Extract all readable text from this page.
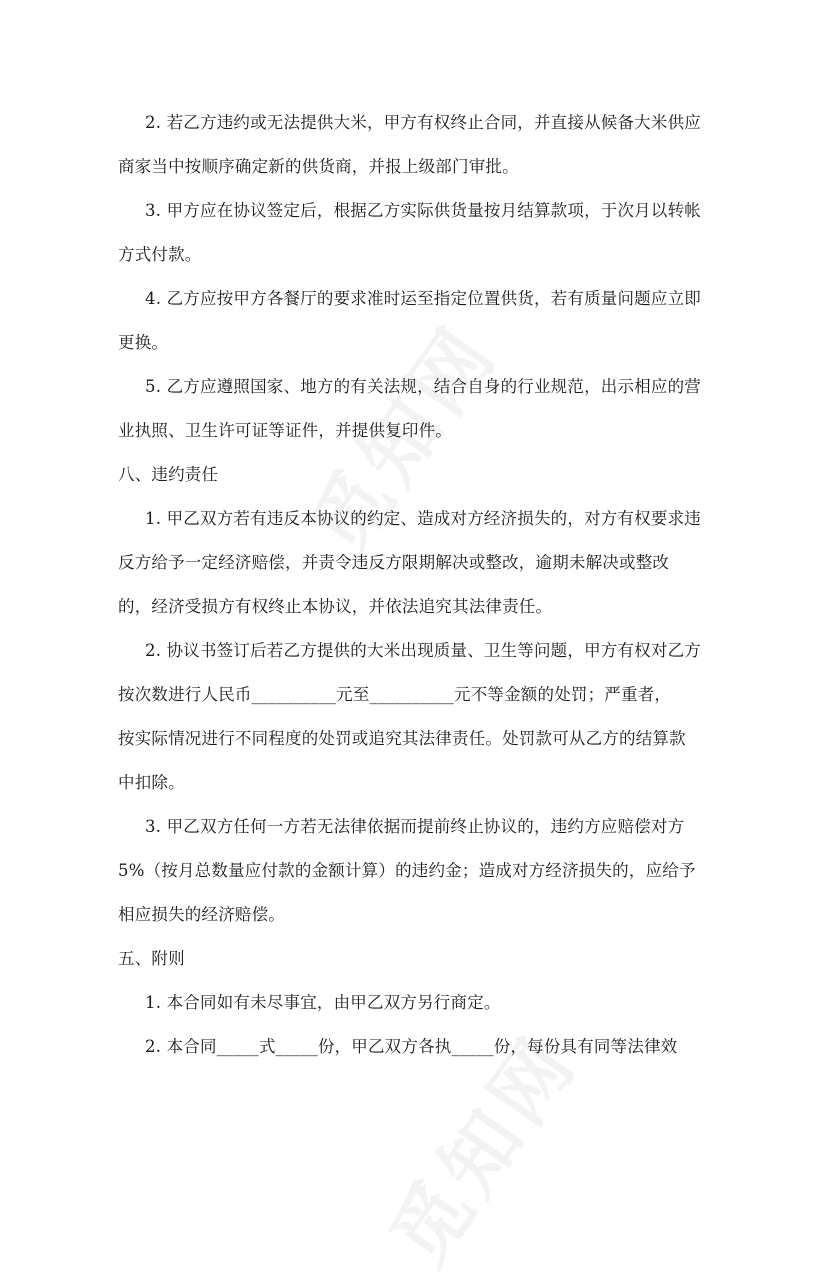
2. 若乙方违约或无法提供大米，甲方有权终止合同，并直接从候备大米供应
商家当中按顺序确定新的供货商，并报上级部门审批。
3. 甲方应在协议签定后，根据乙方实际供货量按月结算款项，于次月以转帐
方式付款。
4. 乙方应按甲方各餐厅的要求准时运至指定位置供货，若有质量问题应立即
更换。
5. 乙方应遵照国家、地方的有关法规，结合自身的行业规范，出示相应的营
业执照、卫生许可证等证件，并提供复印件。
八、违约责任
1. 甲乙双方若有违反本协议的约定、造成对方经济损失的，对方有权要求违
反方给予一定经济赔偿，并责令违反方限期解决或整改，逾期未解决或整改
的，经济受损方有权终止本协议，并依法追究其法律责任。
2. 协议书签订后若乙方提供的大米出现质量、卫生等问题，甲方有权对乙方
按次数进行人民币__________元至__________元不等金额的处罚；严重者，
按实际情况进行不同程度的处罚或追究其法律责任。处罚款可从乙方的结算款
中扣除。
3. 甲乙双方任何一方若无法律依据而提前终止协议的，违约方应赔偿对方
5%（按月总数量应付款的金额计算）的违约金；造成对方经济损失的，应给予
相应损失的经济赔偿。
五、附则
1. 本合同如有未尽事宜，由甲乙双方另行商定。
2. 本合同_____式_____份，甲乙双方各执_____份，每份具有同等法律效
